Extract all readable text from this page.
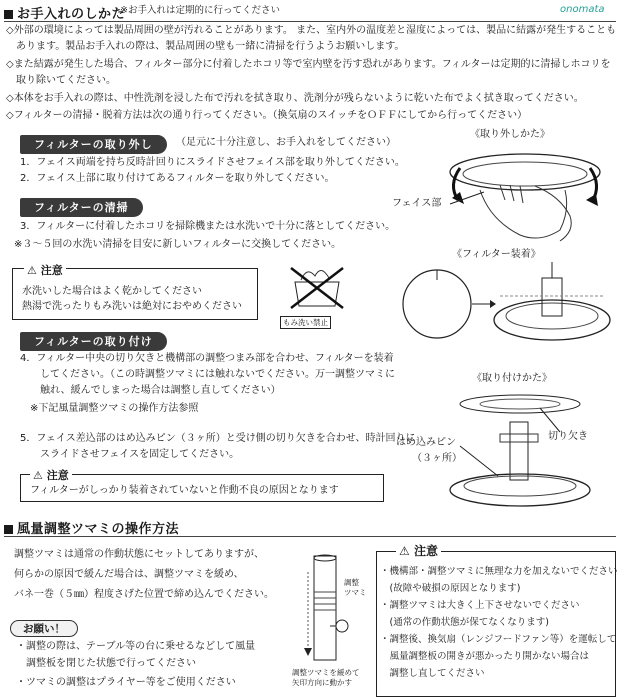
onomata
お手入れのしかた
※お手入れは定期的に行ってください
◇外部の環境によっては製品周囲の壁が汚れることがあります。 また、室内外の温度差と湿度によっては、製品に結露が発生することも
　あります。製品お手入れの際は、製品周囲の壁も一緒に清掃を行うようお願いします。
◇また結露が発生した場合、フィルター部分に付着したホコリ等で室内壁を汚す恐れがあります。フィルターは定期的に清掃しホコリを
　取り除いてください。
◇本体をお手入れの際は、中性洗剤を浸した布で汚れを拭き取り、洗剤分が残らないように乾いた布でよく拭き取ってください。
◇フィルターの清掃・脱着方法は次の通り行ってください。（換気扇のスイッチをＯＦＦにしてから行ってください）
フィルターの取り外し	（足元に十分注意し、お手入れをしてください）
1．フェイス両端を持ち反時計回りにスライドさせフェイス部を取り外してください。
2．フェイス上部に取り付けてあるフィルターを取り外してください。
《取り外しかた》
フェイス部
フィルターの清掃
3．フィルターに付着したホコリを掃除機または水洗いで十分に落としてください。
※３〜５回の水洗い清掃を目安に新しいフィルターに交換してください。
《フィルター装着》
⚠ 注意
水洗いした場合はよく乾かしてください
熱湯で洗ったりもみ洗いは絶対におやめください
もみ洗い禁止
フィルターの取り付け
4．フィルター中央の切り欠きと機構部の調整つまみ部を合わせ、フィルターを装着
　　してください。（この時調整ツマミには触れないでください。万一調整ツマミに
　　触れ、緩んでしまった場合は調整し直してください）
　※下記風量調整ツマミの操作方法参照
《取り付けかた》
切り欠き
はめ込みピン
（３ヶ所）
5．フェイス差込部のはめ込みピン（３ヶ所）と受け側の切り欠きを合わせ、時計回りに
　　スライドさせフェイスを固定してください。
⚠ 注意
フィルターがしっかり装着されていないと作動不良の原因となります
風量調整ツマミの操作方法
調整ツマミは通常の作動状態にセットしてありますが、
何らかの原因で緩んだ場合は、調整ツマミを緩め、
バネ一巻（５㎜）程度さげた位置で締め込んでください。
お願い！
・調整の際は、テーブル等の台に乗せるなどして風量
　調整板を閉じた状態で行ってください
・ツマミの調整はプライヤー等をご使用ください
調整
ツマミ
調整ツマミを緩めて
矢印方向に動かす
⚠ 注意
・機構部・調整ツマミに無理な力を加えないでください
　(故障や破損の原因となります)
・調整ツマミは大きく上下させないでください
　(通常の作動状態が保てなくなります)
・調整後、換気扇（レンジフードファン等）を運転して
　風量調整板の開きが悪かったり開かない場合は
　調整し直してください
